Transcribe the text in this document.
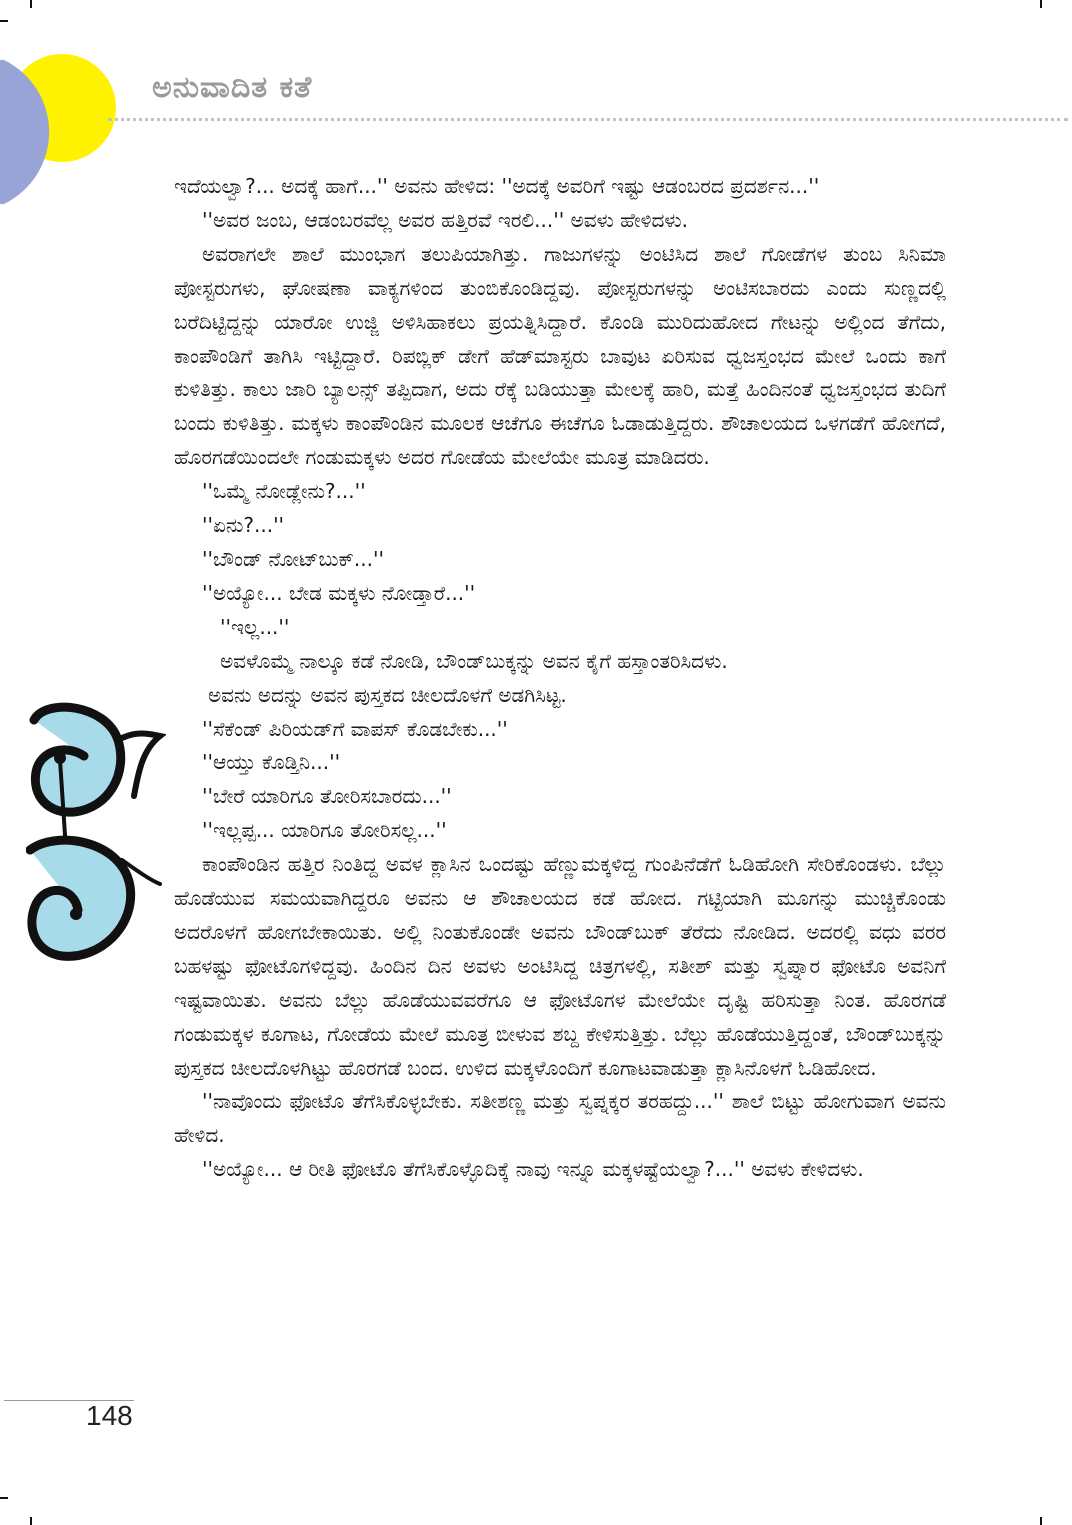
ಅನುವಾದಿತ ಕತೆ

ಇದೆಯಲ್ವಾ?... ಅದಕ್ಕೆ ಹಾಗೆ...'' ಅವನು ಹೇಳಿದ: ''ಅದಕ್ಕೆ ಅವರಿಗೆ ಇಷ್ಟು ಆಡಂಬರದ ಪ್ರದರ್ಶನ...''

''ಅವರ ಜಂಬ, ಆಡಂಬರವೆಲ್ಲ ಅವರ ಹತ್ತಿರವೆ ಇರಲಿ...'' ಅವಳು ಹೇಳಿದಳು.

ಅವರಾಗಲೇ ಶಾಲೆ ಮುಂಭಾಗ ತಲುಪಿಯಾಗಿತ್ತು. ಗಾಜುಗಳನ್ನು ಅಂಟಿಸಿದ ಶಾಲೆ ಗೋಡೆಗಳ ತುಂಬ ಸಿನಿಮಾ ಪೋಸ್ಟರುಗಳು, ಘೋಷಣಾ ವಾಕ್ಯಗಳಿಂದ ತುಂಬಿಕೊಂಡಿದ್ದವು. ಪೋಸ್ಟರುಗಳನ್ನು ಅಂಟಿಸಬಾರದು ಎಂದು ಸುಣ್ಣದಲ್ಲಿ ಬರೆದಿಟ್ಟಿದ್ದನ್ನು ಯಾರೋ ಉಜ್ಜಿ ಅಳಿಸಿಹಾಕಲು ಪ್ರಯತ್ನಿಸಿದ್ದಾರೆ. ಕೊಂಡಿ ಮುರಿದುಹೋದ ಗೇಟನ್ನು ಅಲ್ಲಿಂದ ತೆಗೆದು, ಕಾಂಪೌಂಡಿಗೆ ತಾಗಿಸಿ ಇಟ್ಟಿದ್ದಾರೆ. ರಿಪಬ್ಲಿಕ್ ಡೇಗೆ ಹೆಡ್‌ಮಾಸ್ಟರು ಬಾವುಟ ಏರಿಸುವ ಧ್ವಜಸ್ತಂಭದ ಮೇಲೆ ಒಂದು ಕಾಗೆ ಕುಳಿತಿತ್ತು. ಕಾಲು ಜಾರಿ ಬ್ಯಾಲನ್ಸ್ ತಪ್ಪಿದಾಗ, ಅದು ರೆಕ್ಕೆ ಬಡಿಯುತ್ತಾ ಮೇಲಕ್ಕೆ ಹಾರಿ, ಮತ್ತೆ ಹಿಂದಿನಂತೆ ಧ್ವಜಸ್ತಂಭದ ತುದಿಗೆ ಬಂದು ಕುಳಿತಿತ್ತು. ಮಕ್ಕಳು ಕಾಂಪೌಂಡಿನ ಮೂಲಕ ಆಚೆಗೂ ಈಚೆಗೂ ಓಡಾಡುತ್ತಿದ್ದರು. ಶೌಚಾಲಯದ ಒಳಗಡೆಗೆ ಹೋಗದೆ, ಹೊರಗಡೆಯಿಂದಲೇ ಗಂಡುಮಕ್ಕಳು ಅದರ ಗೋಡೆಯ ಮೇಲೆಯೇ ಮೂತ್ರ ಮಾಡಿದರು.

''ಒಮ್ಮೆ ನೋಡ್ಲೇನು?...''

''ಏನು?...''

''ಬೌಂಡ್ ನೋಟ್‌ಬುಕ್...''

''ಅಯ್ಯೋ... ಬೇಡ ಮಕ್ಕಳು ನೋಡ್ತಾರೆ...''

''ಇಲ್ಲ...''

ಅವಳೊಮ್ಮೆ ನಾಲ್ಕೂ ಕಡೆ ನೋಡಿ, ಬೌಂಡ್‌ಬುಕ್ಕನ್ನು ಅವನ ಕೈಗೆ ಹಸ್ತಾಂತರಿಸಿದಳು.

ಅವನು ಅದನ್ನು ಅವನ ಪುಸ್ತಕದ ಚೀಲದೊಳಗೆ ಅಡಗಿಸಿಟ್ಟ.

''ಸೆಕೆಂಡ್ ಪಿರಿಯಡ್‌ಗೆ ವಾಪಸ್ ಕೊಡಬೇಕು...''

''ಆಯ್ತು ಕೊಡ್ತಿನಿ...''

''ಬೇರೆ ಯಾರಿಗೂ ತೋರಿಸಬಾರದು...''

''ಇಲ್ಲಪ್ಪ... ಯಾರಿಗೂ ತೋರಿಸಲ್ಲ...''

ಕಾಂಪೌಂಡಿನ ಹತ್ತಿರ ನಿಂತಿದ್ದ ಅವಳ ಕ್ಲಾಸಿನ ಒಂದಷ್ಟು ಹೆಣ್ಣುಮಕ್ಕಳಿದ್ದ ಗುಂಪಿನೆಡೆಗೆ ಓಡಿಹೋಗಿ ಸೇರಿಕೊಂಡಳು. ಬೆಲ್ಲು ಹೊಡೆಯುವ ಸಮಯವಾಗಿದ್ದರೂ ಅವನು ಆ ಶೌಚಾಲಯದ ಕಡೆ ಹೋದ. ಗಟ್ಟಿಯಾಗಿ ಮೂಗನ್ನು ಮುಚ್ಚಿಕೊಂಡು ಅದರೊಳಗೆ ಹೋಗಬೇಕಾಯಿತು. ಅಲ್ಲಿ ನಿಂತುಕೊಂಡೇ ಅವನು ಬೌಂಡ್‌ಬುಕ್ ತೆರೆದು ನೋಡಿದ. ಅದರಲ್ಲಿ ವಧು ವರರ ಬಹಳಷ್ಟು ಫೋಟೊಗಳಿದ್ದವು. ಹಿಂದಿನ ದಿನ ಅವಳು ಅಂಟಿಸಿದ್ದ ಚಿತ್ರಗಳಲ್ಲಿ, ಸತೀಶ್ ಮತ್ತು ಸ್ವಪ್ನಾರ ಫೋಟೊ ಅವನಿಗೆ ಇಷ್ಟವಾಯಿತು. ಅವನು ಬೆಲ್ಲು ಹೊಡೆಯುವವರೆಗೂ ಆ ಫೋಟೊಗಳ ಮೇಲೆಯೇ ದೃಷ್ಟಿ ಹರಿಸುತ್ತಾ ನಿಂತ. ಹೊರಗಡೆ ಗಂಡುಮಕ್ಕಳ ಕೂಗಾಟ, ಗೋಡೆಯ ಮೇಲೆ ಮೂತ್ರ ಬೀಳುವ ಶಬ್ದ ಕೇಳಿಸುತ್ತಿತ್ತು. ಬೆಲ್ಲು ಹೊಡೆಯುತ್ತಿದ್ದಂತೆ, ಬೌಂಡ್‌ಬುಕ್ಕನ್ನು ಪುಸ್ತಕದ ಚೀಲದೊಳಗಿಟ್ಟು ಹೊರಗಡೆ ಬಂದ. ಉಳಿದ ಮಕ್ಕಳೊಂದಿಗೆ ಕೂಗಾಟವಾಡುತ್ತಾ ಕ್ಲಾಸಿನೊಳಗೆ ಓಡಿಹೋದ.

''ನಾವೊಂದು ಫೋಟೊ ತೆಗೆಸಿಕೊಳ್ಳಬೇಕು. ಸತೀಶಣ್ಣ ಮತ್ತು ಸ್ವಪ್ನಕ್ಕರ ತರಹದ್ದು...'' ಶಾಲೆ ಬಿಟ್ಟು ಹೋಗುವಾಗ ಅವನು ಹೇಳಿದ.

''ಅಯ್ಯೋ... ಆ ರೀತಿ ಫೋಟೊ ತೆಗೆಸಿಕೊಳ್ಳೊದಿಕ್ಕೆ ನಾವು ಇನ್ನೂ ಮಕ್ಕಳಷ್ಟೆಯಲ್ವಾ?...'' ಅವಳು ಕೇಳಿದಳು.

148
